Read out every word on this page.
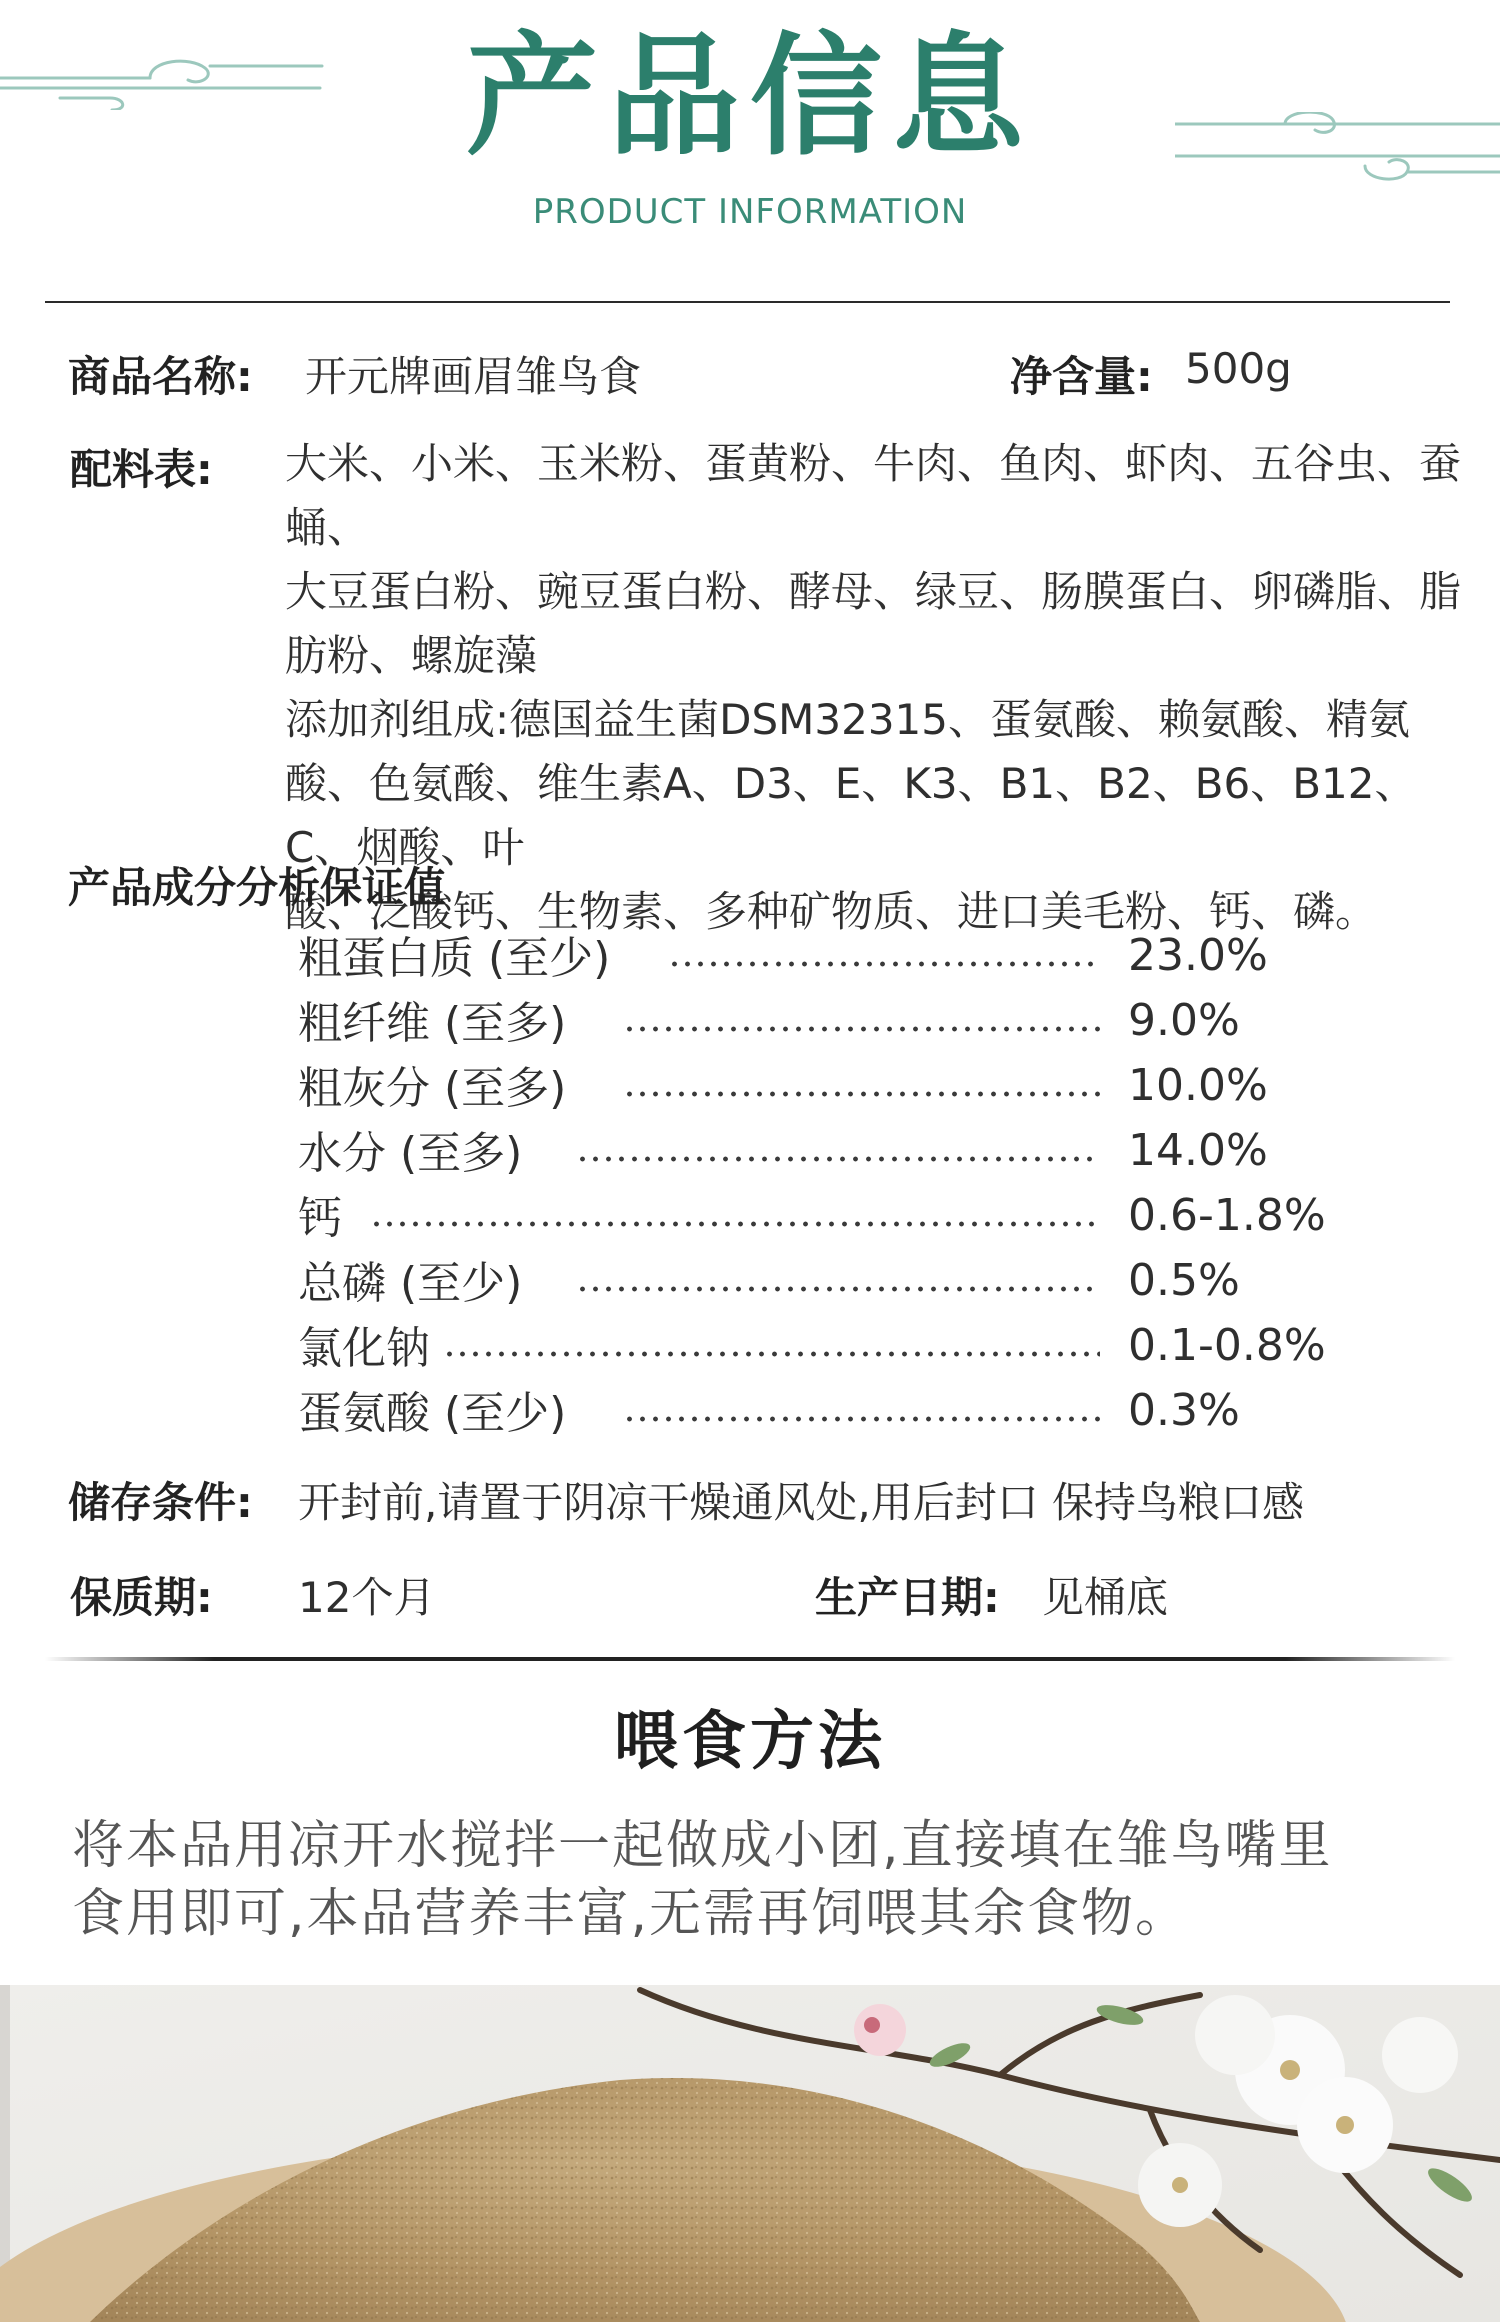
产品信息
PRODUCT INFORMATION
商品名称: 开元牌画眉雏鸟食	净含量: 500g
配料表: 大米、小米、玉米粉、蛋黄粉、牛肉、鱼肉、虾肉、五谷虫、蚕蛹、
大豆蛋白粉、豌豆蛋白粉、酵母、绿豆、肠膜蛋白、卵磷脂、脂
肪粉、螺旋藻
添加剂组成:德国益生菌DSM32315、蛋氨酸、赖氨酸、精氨
酸、色氨酸、维生素A、D3、E、K3、B1、B2、B6、B12、C、烟酸、叶
酸、泛酸钙、生物素、多种矿物质、进口美毛粉、钙、磷。
产品成分分析保证值
粗蛋白质 (至少)	23.0%
粗纤维 (至多)	9.0%
粗灰分 (至多)	10.0%
水分 (至多)	14.0%
钙	0.6-1.8%
总磷 (至少)	0.5%
氯化钠	0.1-0.8%
蛋氨酸 (至少)	0.3%
储存条件: 开封前,请置于阴凉干燥通风处,用后封口 保持鸟粮口感
保质期: 12个月	生产日期: 见桶底
喂食方法
将本品用凉开水搅拌一起做成小团,直接填在雏鸟嘴里
食用即可,本品营养丰富,无需再饲喂其余食物。
